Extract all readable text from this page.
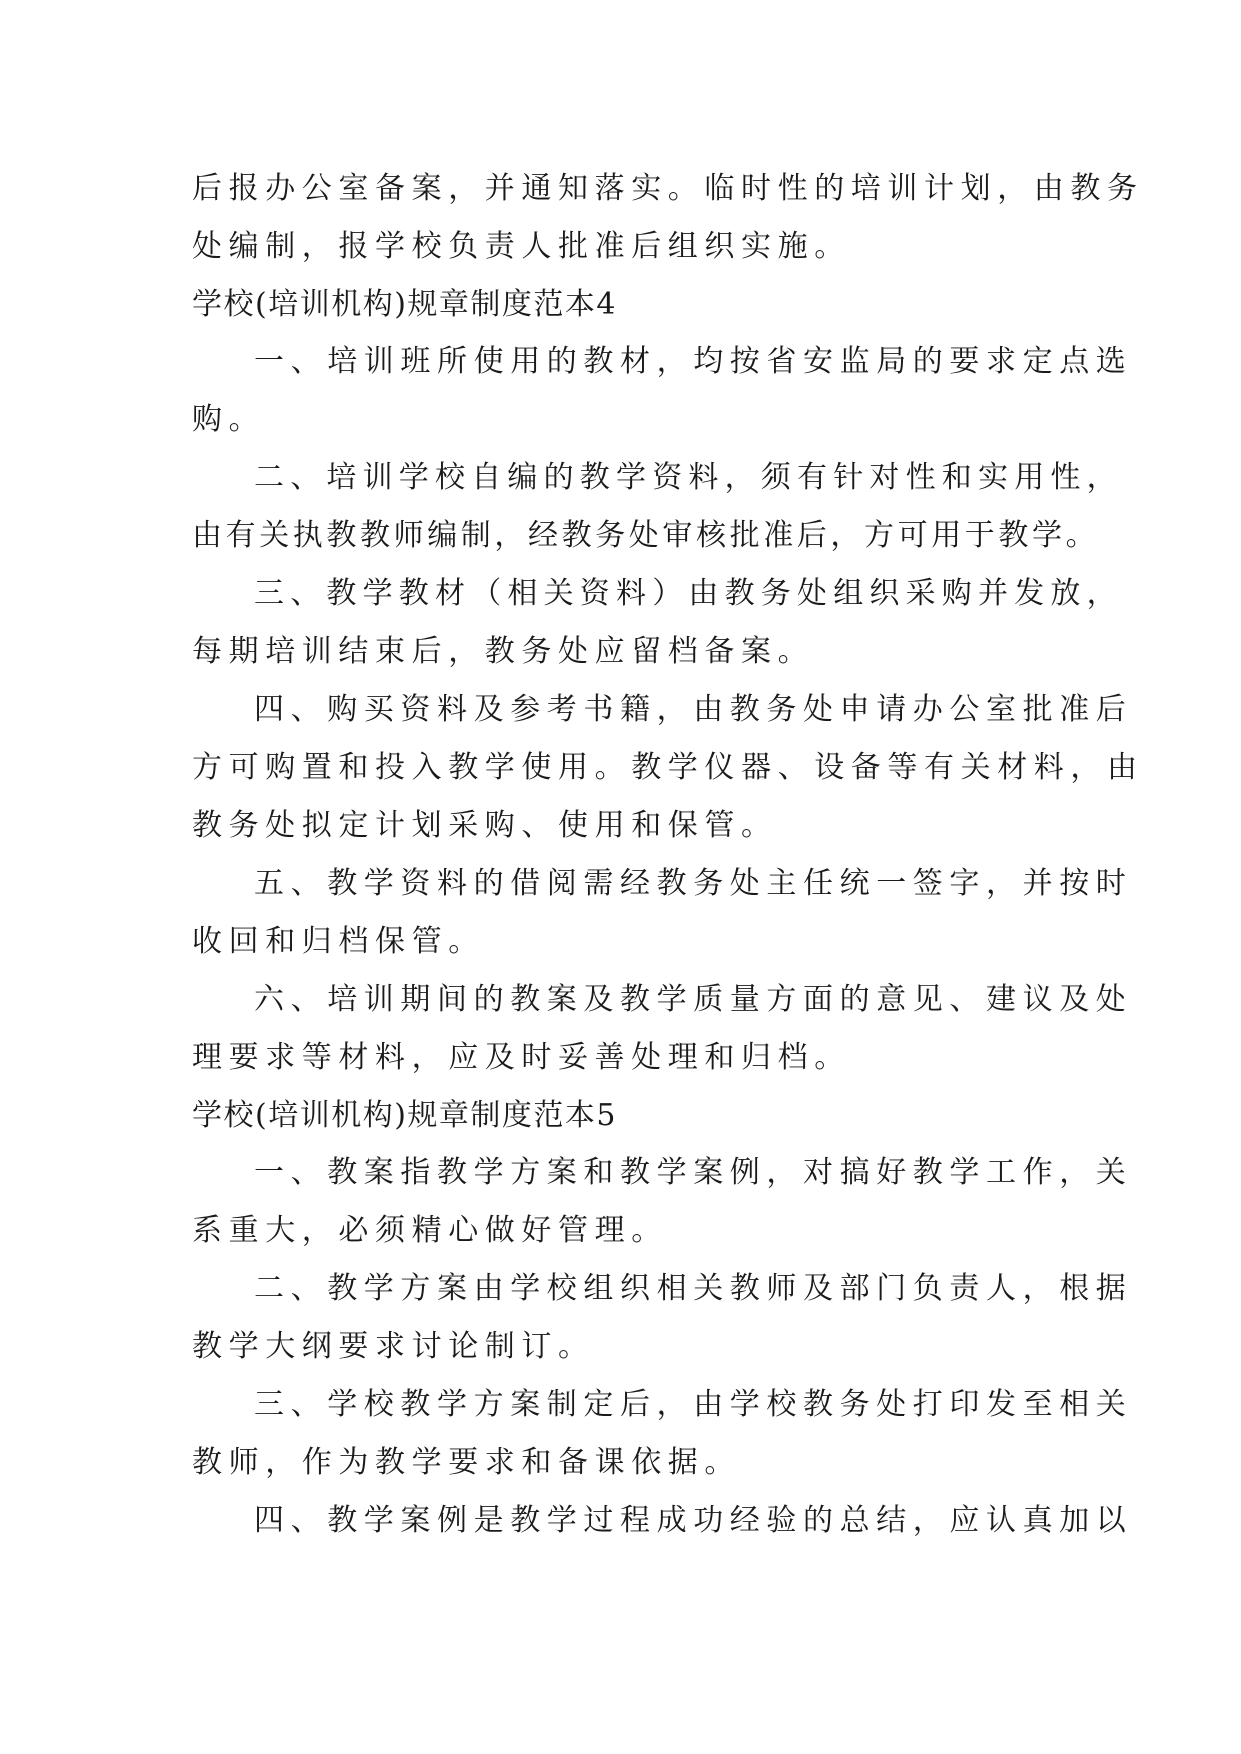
后报办公室备案，并通知落实。临时性的培训计划，由教务
处编制，报学校负责人批准后组织实施。
学校(培训机构)规章制度范本4
一、培训班所使用的教材，均按省安监局的要求定点选
购。
二、培训学校自编的教学资料，须有针对性和实用性，
由有关执教教师编制，经教务处审核批准后，方可用于教学。
三、教学教材（相关资料）由教务处组织采购并发放，
每期培训结束后，教务处应留档备案。
四、购买资料及参考书籍，由教务处申请办公室批准后
方可购置和投入教学使用。教学仪器、设备等有关材料，由
教务处拟定计划采购、使用和保管。
五、教学资料的借阅需经教务处主任统一签字，并按时
收回和归档保管。
六、培训期间的教案及教学质量方面的意见、建议及处
理要求等材料，应及时妥善处理和归档。
学校(培训机构)规章制度范本5
一、教案指教学方案和教学案例，对搞好教学工作，关
系重大，必须精心做好管理。
二、教学方案由学校组织相关教师及部门负责人，根据
教学大纲要求讨论制订。
三、学校教学方案制定后，由学校教务处打印发至相关
教师，作为教学要求和备课依据。
四、教学案例是教学过程成功经验的总结，应认真加以
